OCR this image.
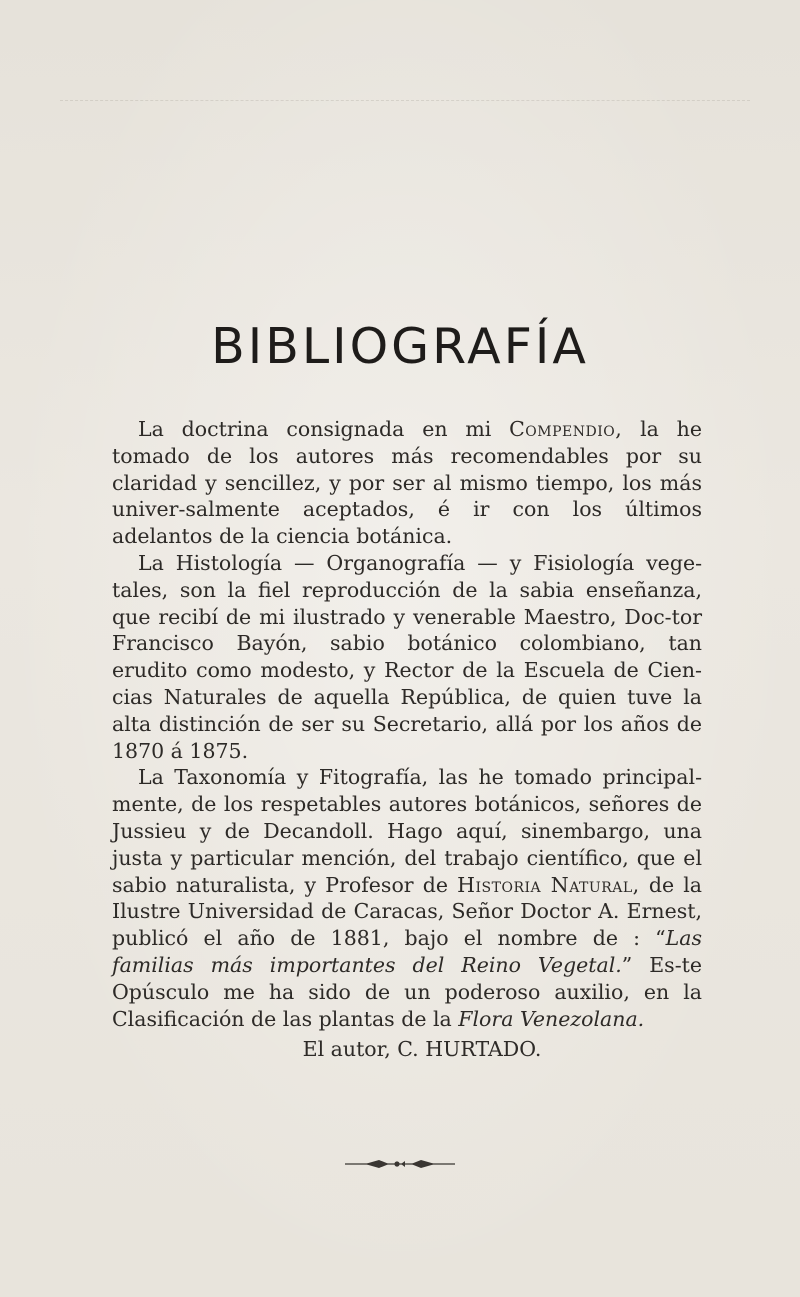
BIBLIOGRAFÍA

La doctrina consignada en mi Compendio, la he tomado de los autores más recomendables por su claridad y sencillez, y por ser al mismo tiempo, los más univer-salmente aceptados, é ir con los últimos adelantos de la ciencia botánica.

La Histología — Organografía — y Fisiología vege-tales, son la fiel reproducción de la sabia enseñanza, que recibí de mi ilustrado y venerable Maestro, Doc-tor Francisco Bayón, sabio botánico colombiano, tan erudito como modesto, y Rector de la Escuela de Cien-cias Naturales de aquella República, de quien tuve la alta distinción de ser su Secretario, allá por los años de 1870 á 1875.

La Taxonomía y Fitografía, las he tomado principal-mente, de los respetables autores botánicos, señores de Jussieu y de Decandoll. Hago aquí, sinembargo, una justa y particular mención, del trabajo científico, que el sabio naturalista, y Profesor de Historia Natural, de la Ilustre Universidad de Caracas, Señor Doctor A. Ernest, publicó el año de 1881, bajo el nombre de : “Las familias más importantes del Reino Vegetal.” Es-te Opúsculo me ha sido de un poderoso auxilio, en la Clasificación de las plantas de la Flora Venezolana.

El autor, C. HURTADO.
